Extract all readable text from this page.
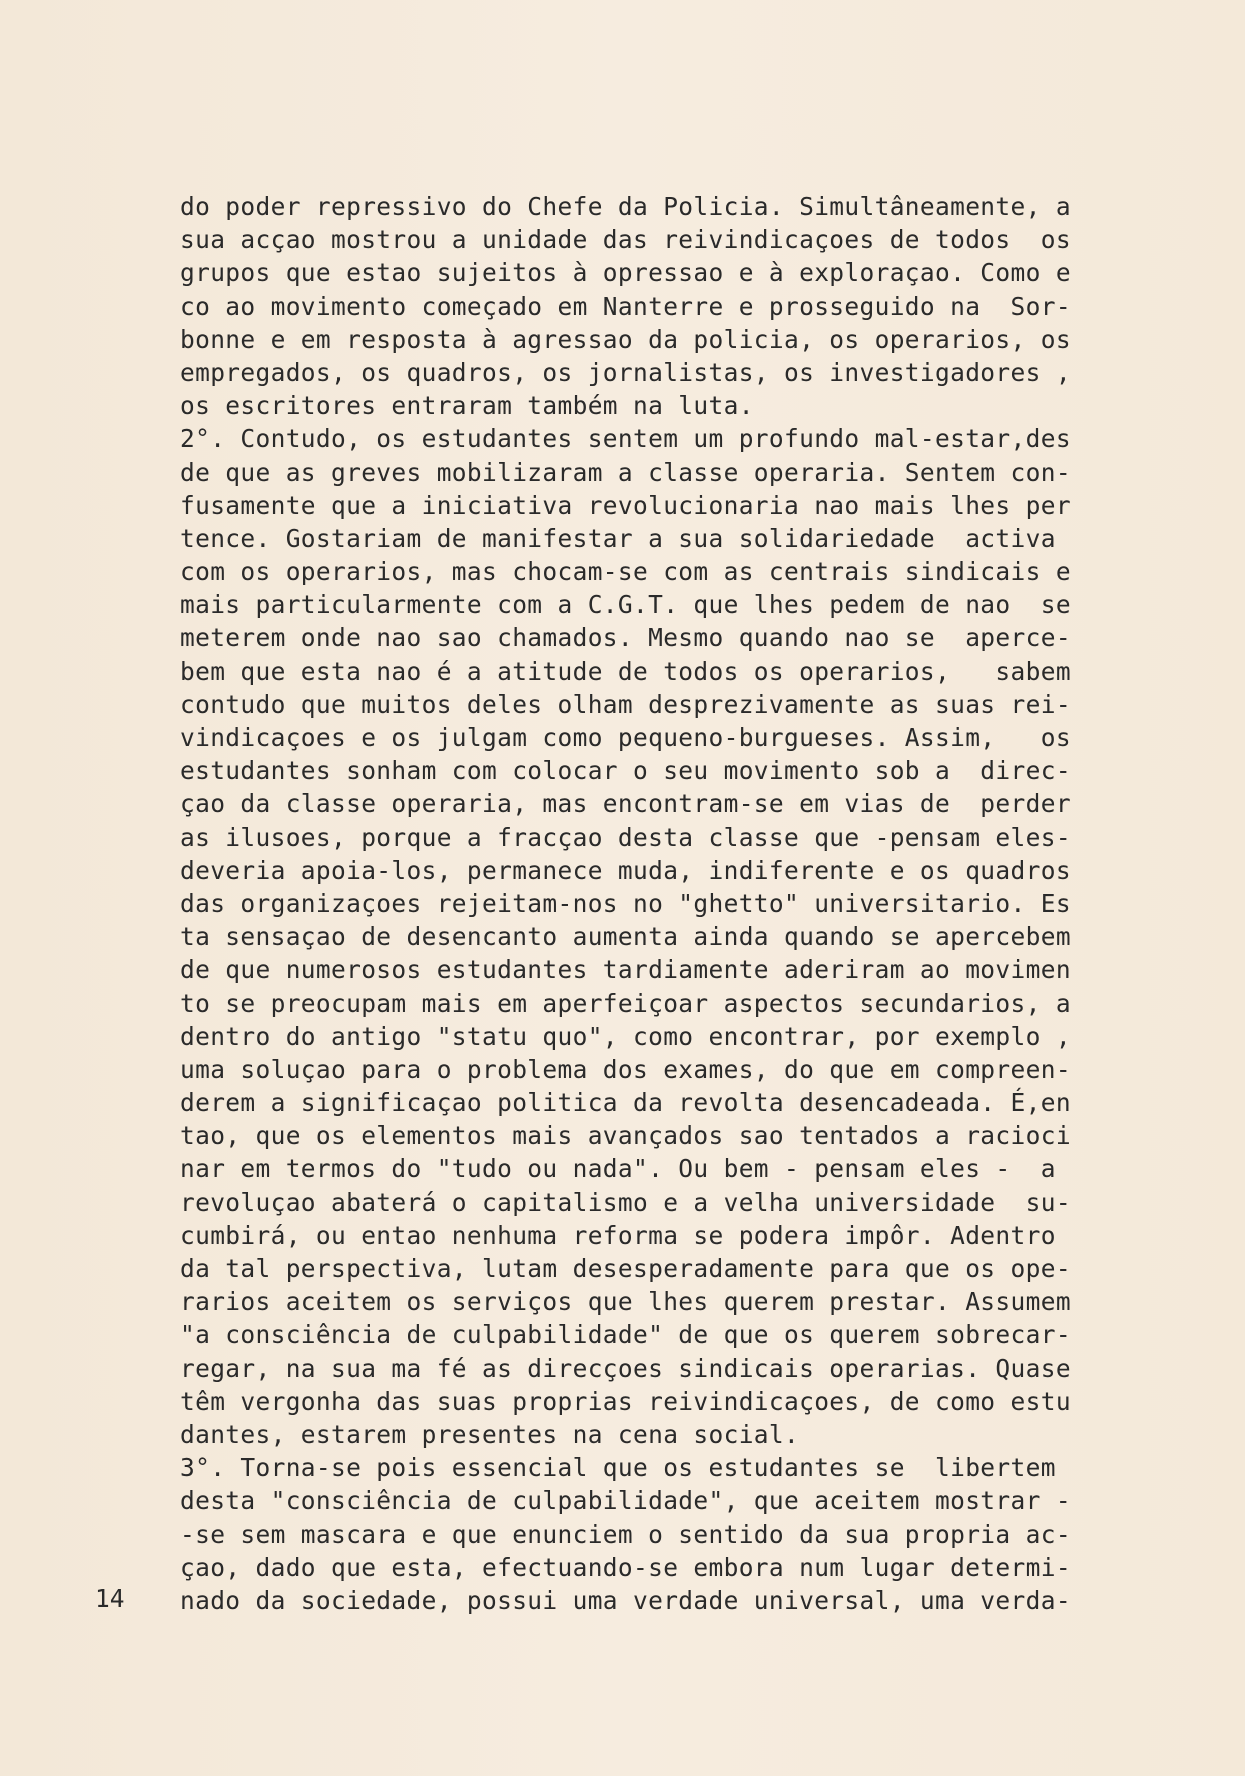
do poder repressivo do Chefe da Policia. Simultâneamente, a
sua acçao mostrou a unidade das reivindicaçoes de todos  os
grupos que estao sujeitos à opressao e à exploraçao. Como e
co ao movimento começado em Nanterre e prosseguido na  Sor-
bonne e em resposta à agressao da policia, os operarios, os
empregados, os quadros, os jornalistas, os investigadores ,
os escritores entraram também na luta.
2°. Contudo, os estudantes sentem um profundo mal-estar,des
de que as greves mobilizaram a classe operaria. Sentem con-
fusamente que a iniciativa revolucionaria nao mais lhes per
tence. Gostariam de manifestar a sua solidariedade  activa
com os operarios, mas chocam-se com as centrais sindicais e
mais particularmente com a C.G.T. que lhes pedem de nao  se
meterem onde nao sao chamados. Mesmo quando nao se  aperce-
bem que esta nao é a atitude de todos os operarios,   sabem
contudo que muitos deles olham desprezivamente as suas rei-
vindicaçoes e os julgam como pequeno-burgueses. Assim,   os
estudantes sonham com colocar o seu movimento sob a  direc-
çao da classe operaria, mas encontram-se em vias de  perder
as ilusoes, porque a fracçao desta classe que -pensam eles-
deveria apoia-los, permanece muda, indiferente e os quadros
das organizaçoes rejeitam-nos no "ghetto" universitario. Es
ta sensaçao de desencanto aumenta ainda quando se apercebem
de que numerosos estudantes tardiamente aderiram ao movimen
to se preocupam mais em aperfeiçoar aspectos secundarios, a
dentro do antigo "statu quo", como encontrar, por exemplo ,
uma soluçao para o problema dos exames, do que em compreen-
derem a significaçao politica da revolta desencadeada. É,en
tao, que os elementos mais avançados sao tentados a racioci
nar em termos do "tudo ou nada". Ou bem - pensam eles -  a
revoluçao abaterá o capitalismo e a velha universidade  su-
cumbirá, ou entao nenhuma reforma se podera impôr. Adentro
da tal perspectiva, lutam desesperadamente para que os ope-
rarios aceitem os serviços que lhes querem prestar. Assumem
"a consciência de culpabilidade" de que os querem sobrecar-
regar, na sua ma fé as direcçoes sindicais operarias. Quase
têm vergonha das suas proprias reivindicaçoes, de como estu
dantes, estarem presentes na cena social.
3°. Torna-se pois essencial que os estudantes se  libertem
desta "consciência de culpabilidade", que aceitem mostrar -
-se sem mascara e que enunciem o sentido da sua propria ac-
çao, dado que esta, efectuando-se embora num lugar determi-
nado da sociedade, possui uma verdade universal, uma verda-
14
